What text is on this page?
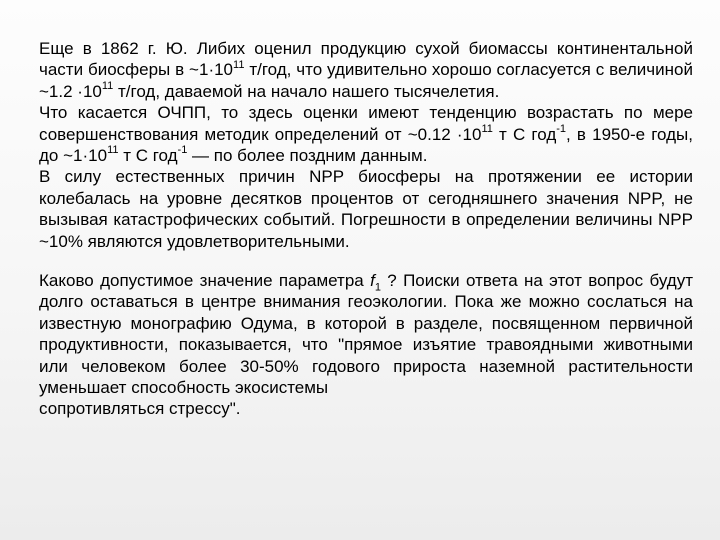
Еще в 1862 г. Ю. Либих оценил продукцию сухой биомассы континентальной части биосферы в $\sim 1\cdot 10^{11}$ т/год, что удивительно хорошо согласуется с величиной ~1.2 $\cdot 10^{11}$ т/год, даваемой на начало нашего тысячелетия.

Что касается ОЧПП, то здесь оценки имеют тенденцию возрастать по мере совершенствования методик определений от ~0.12 $\cdot 10^{11}$ т С год$^{-1}$, в 1950-е годы, до $\sim 1\cdot 10^{11}$ т С год$^{-1}$ — по более поздним данным.

В силу естественных причин NPP биосферы на протяжении ее истории колебалась на уровне десятков процентов от сегодняшнего значения NPP, не вызывая катастрофических событий. Погрешности в определении величины NPP ~10% являются удовлетворительными.

Каково допустимое значение параметра $f_1$ ? Поиски ответа на этот вопрос будут долго оставаться в центре внимания геоэкологии. Пока же можно сослаться на известную монографию Одума, в которой в разделе, посвященном первичной продуктивности, показывается, что "прямое изъятие травоядными животными или человеком более 30-50% годового прироста наземной растительности уменьшает способность экосистемы
сопротивляться стрессу".
